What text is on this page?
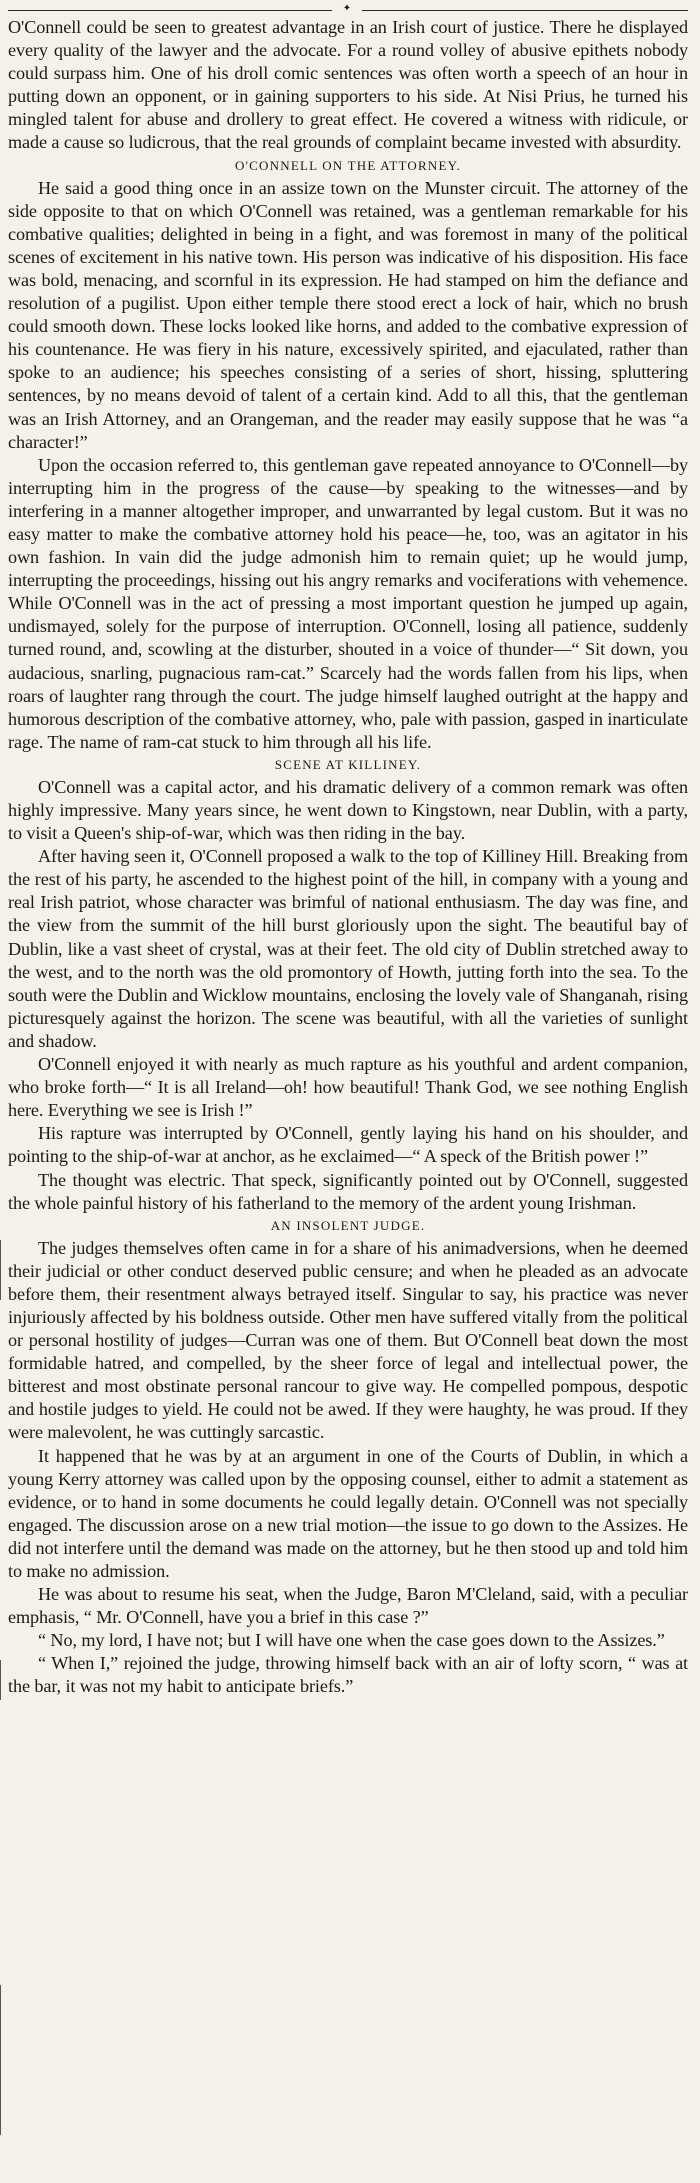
✦

O'Connell could be seen to greatest advantage in an Irish court of justice. There he displayed every quality of the lawyer and the advocate. For a round volley of abusive epithets nobody could surpass him. One of his droll comic sentences was often worth a speech of an hour in putting down an opponent, or in gaining supporters to his side. At Nisi Prius, he turned his mingled talent for abuse and drollery to great effect. He covered a witness with ridicule, or made a cause so ludicrous, that the real grounds of complaint became invested with absurdity.

O'CONNELL ON THE ATTORNEY.

He said a good thing once in an assize town on the Munster circuit. The attorney of the side opposite to that on which O'Connell was retained, was a gentleman remarkable for his combative qualities; delighted in being in a fight, and was foremost in many of the political scenes of excitement in his native town. His person was indicative of his disposition. His face was bold, menacing, and scornful in its expression. He had stamped on him the defiance and resolution of a pugilist. Upon either temple there stood erect a lock of hair, which no brush could smooth down. These locks looked like horns, and added to the combative expression of his countenance. He was fiery in his nature, excessively spirited, and ejaculated, rather than spoke to an audience; his speeches consisting of a series of short, hissing, spluttering sentences, by no means devoid of talent of a certain kind. Add to all this, that the gentleman was an Irish Attorney, and an Orangeman, and the reader may easily suppose that he was “a character!”

Upon the occasion referred to, this gentleman gave repeated annoyance to O'Connell—by interrupting him in the progress of the cause—by speaking to the witnesses—and by interfering in a manner altogether improper, and unwarranted by legal custom. But it was no easy matter to make the combative attorney hold his peace—he, too, was an agitator in his own fashion. In vain did the judge admonish him to remain quiet; up he would jump, interrupting the proceedings, hissing out his angry remarks and vociferations with vehemence. While O'Connell was in the act of pressing a most important question he jumped up again, undismayed, solely for the purpose of interruption. O'Connell, losing all patience, suddenly turned round, and, scowling at the disturber, shouted in a voice of thunder—“ Sit down, you audacious, snarling, pugnacious ram-cat.” Scarcely had the words fallen from his lips, when roars of laughter rang through the court. The judge himself laughed outright at the happy and humorous description of the combative attorney, who, pale with passion, gasped in inarticulate rage. The name of ram-cat stuck to him through all his life.

SCENE AT KILLINEY.

O'Connell was a capital actor, and his dramatic delivery of a common remark was often highly impressive. Many years since, he went down to Kingstown, near Dublin, with a party, to visit a Queen's ship-of-war, which was then riding in the bay.

After having seen it, O'Connell proposed a walk to the top of Killiney Hill. Breaking from the rest of his party, he ascended to the highest point of the hill, in company with a young and real Irish patriot, whose character was brimful of national enthusiasm. The day was fine, and the view from the summit of the hill burst gloriously upon the sight. The beautiful bay of Dublin, like a vast sheet of crystal, was at their feet. The old city of Dublin stretched away to the west, and to the north was the old promontory of Howth, jutting forth into the sea. To the south were the Dublin and Wicklow mountains, enclosing the lovely vale of Shanganah, rising picturesquely against the horizon. The scene was beautiful, with all the varieties of sunlight and shadow.

O'Connell enjoyed it with nearly as much rapture as his youthful and ardent companion, who broke forth—“ It is all Ireland—oh! how beautiful! Thank God, we see nothing English here. Everything we see is Irish !”

His rapture was interrupted by O'Connell, gently laying his hand on his shoulder, and pointing to the ship-of-war at anchor, as he exclaimed—“ A speck of the British power !”

The thought was electric. That speck, significantly pointed out by O'Connell, suggested the whole painful history of his fatherland to the memory of the ardent young Irishman.

AN INSOLENT JUDGE.

The judges themselves often came in for a share of his animadversions, when he deemed their judicial or other conduct deserved public censure; and when he pleaded as an advocate before them, their resentment always betrayed itself. Singular to say, his practice was never injuriously affected by his boldness outside. Other men have suffered vitally from the political or personal hostility of judges—Curran was one of them. But O'Connell beat down the most formidable hatred, and compelled, by the sheer force of legal and intellectual power, the bitterest and most obstinate personal rancour to give way. He compelled pompous, despotic and hostile judges to yield. He could not be awed. If they were haughty, he was proud. If they were malevolent, he was cuttingly sarcastic.

It happened that he was by at an argument in one of the Courts of Dublin, in which a young Kerry attorney was called upon by the opposing counsel, either to admit a statement as evidence, or to hand in some documents he could legally detain. O'Connell was not specially engaged. The discussion arose on a new trial motion—the issue to go down to the Assizes. He did not interfere until the demand was made on the attorney, but he then stood up and told him to make no admission.

He was about to resume his seat, when the Judge, Baron M'Cleland, said, with a peculiar emphasis, “ Mr. O'Connell, have you a brief in this case ?”

“ No, my lord, I have not; but I will have one when the case goes down to the Assizes.”

“ When I,” rejoined the judge, throwing himself back with an air of lofty scorn, “ was at the bar, it was not my habit to anticipate briefs.”
